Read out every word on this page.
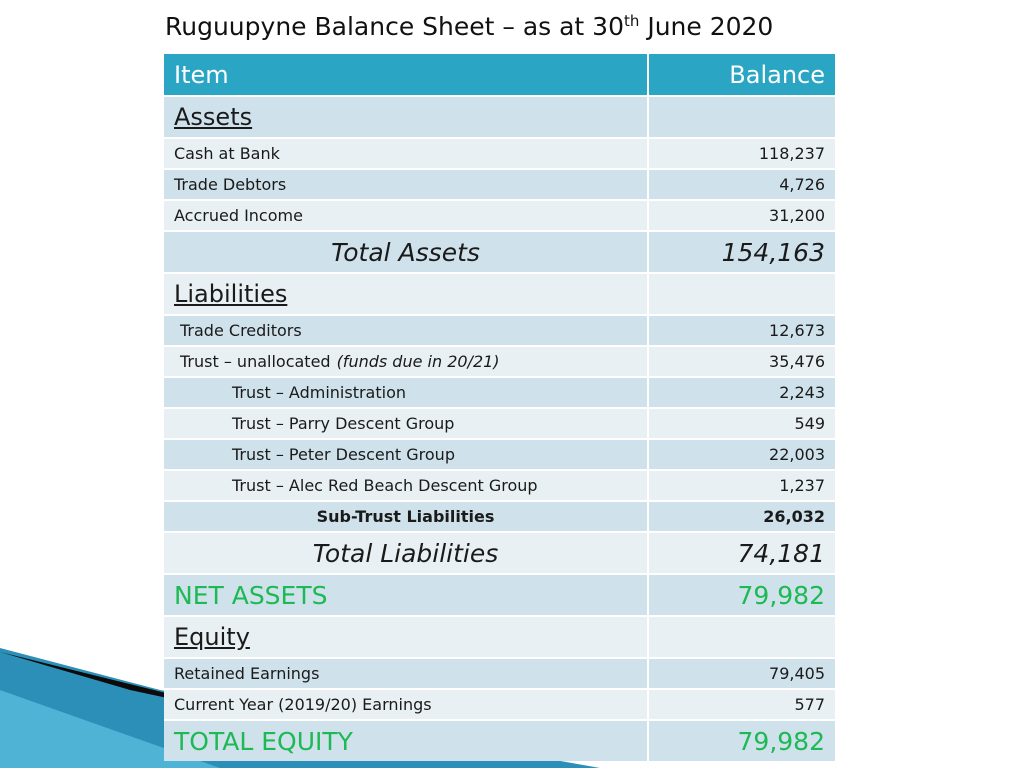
Ruguupyne Balance Sheet – as at 30th June 2020
Item	Balance
Assets
Cash at Bank	118,237
Trade Debtors	4,726
Accrued Income	31,200
Total Assets	154,163
Liabilities
Trade Creditors	12,673
Trust – unallocated (funds due in 20/21)	35,476
Trust – Administration	2,243
Trust – Parry Descent Group	549
Trust – Peter Descent Group	22,003
Trust – Alec Red Beach Descent Group	1,237
Sub-Trust Liabilities	26,032
Total Liabilities	74,181
NET ASSETS	79,982
Equity
Retained Earnings	79,405
Current Year (2019/20) Earnings	577
TOTAL EQUITY	79,982
